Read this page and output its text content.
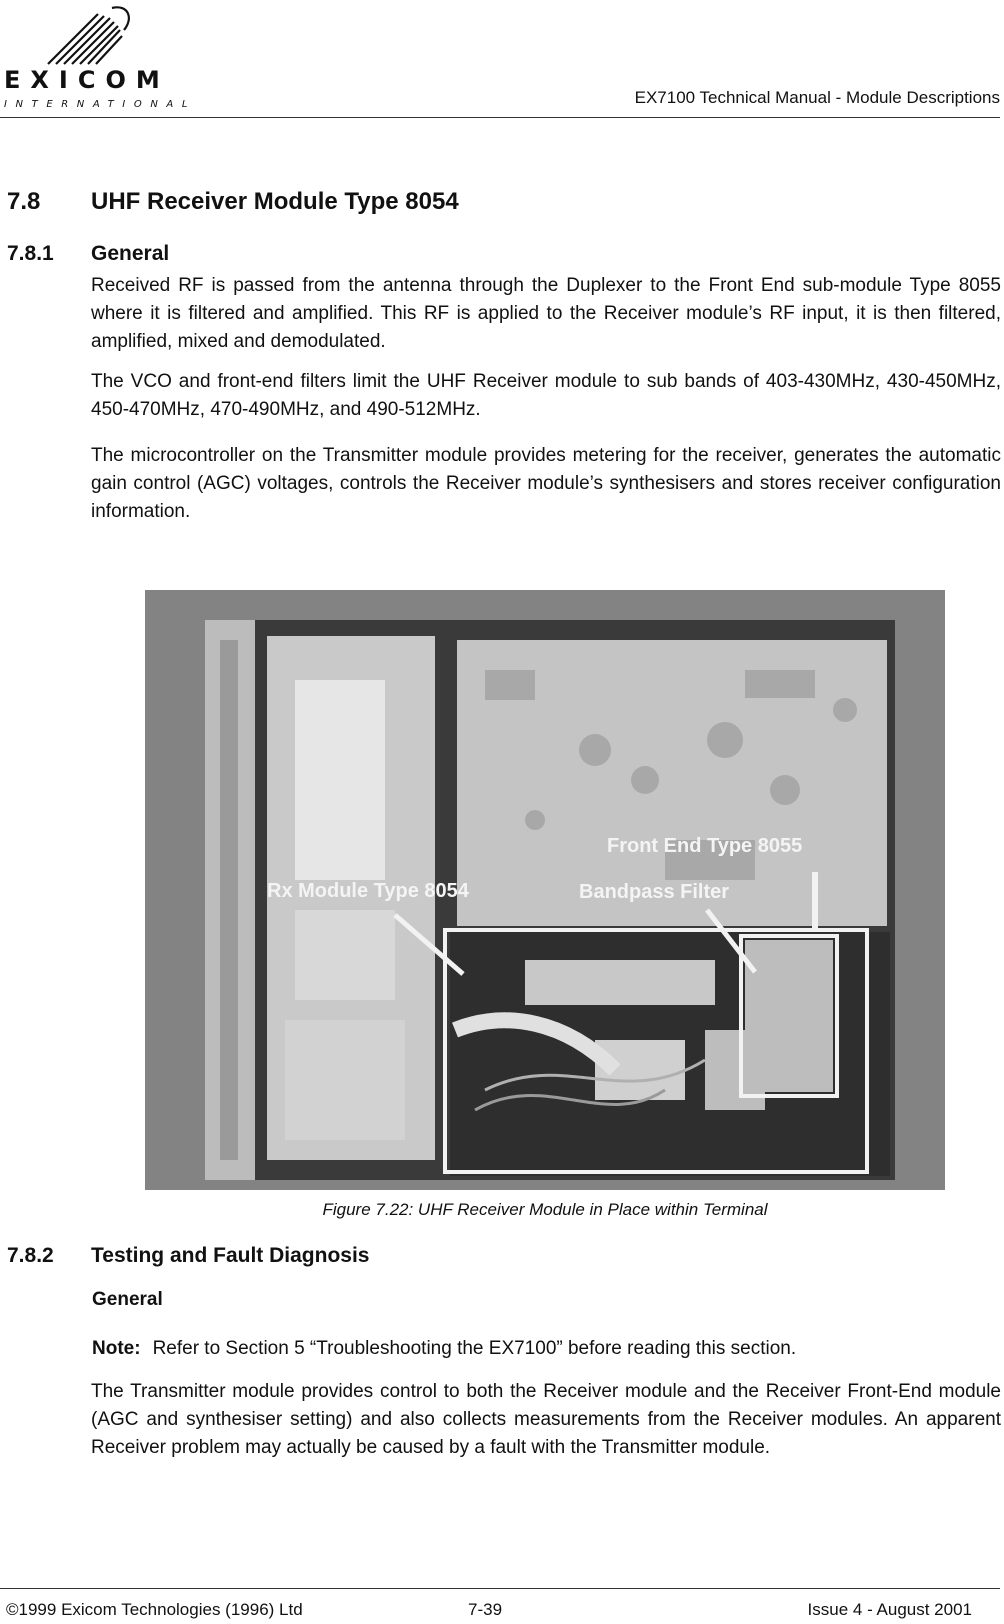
EXICOM
INTERNATIONAL	EX7100 Technical Manual - Module Descriptions
7.8 UHF Receiver Module Type 8054
7.8.1 General
Received RF is passed from the antenna through the Duplexer to the Front End sub-module Type 8055 where it is filtered and amplified. This RF is applied to the Receiver module’s RF input, it is then filtered, amplified, mixed and demodulated.
The VCO and front-end filters limit the UHF Receiver module to sub bands of 403-430MHz, 430-450MHz, 450-470MHz, 470-490MHz, and 490-512MHz.
The microcontroller on the Transmitter module provides metering for the receiver, generates the automatic gain control (AGC) voltages, controls the Receiver module’s synthesisers and stores receiver configuration information.
Front End Type 8055
Rx Module Type 8054	Bandpass Filter
Figure 7.22: UHF Receiver Module in Place within Terminal
7.8.2 Testing and Fault Diagnosis
General
Note: Refer to Section 5 “Troubleshooting the EX7100” before reading this section.
The Transmitter module provides control to both the Receiver module and the Receiver Front-End module (AGC and synthesiser setting) and also collects measurements from the Receiver modules. An apparent Receiver problem may actually be caused by a fault with the Transmitter module.
©1999 Exicom Technologies (1996) Ltd	7-39	Issue 4 - August 2001
